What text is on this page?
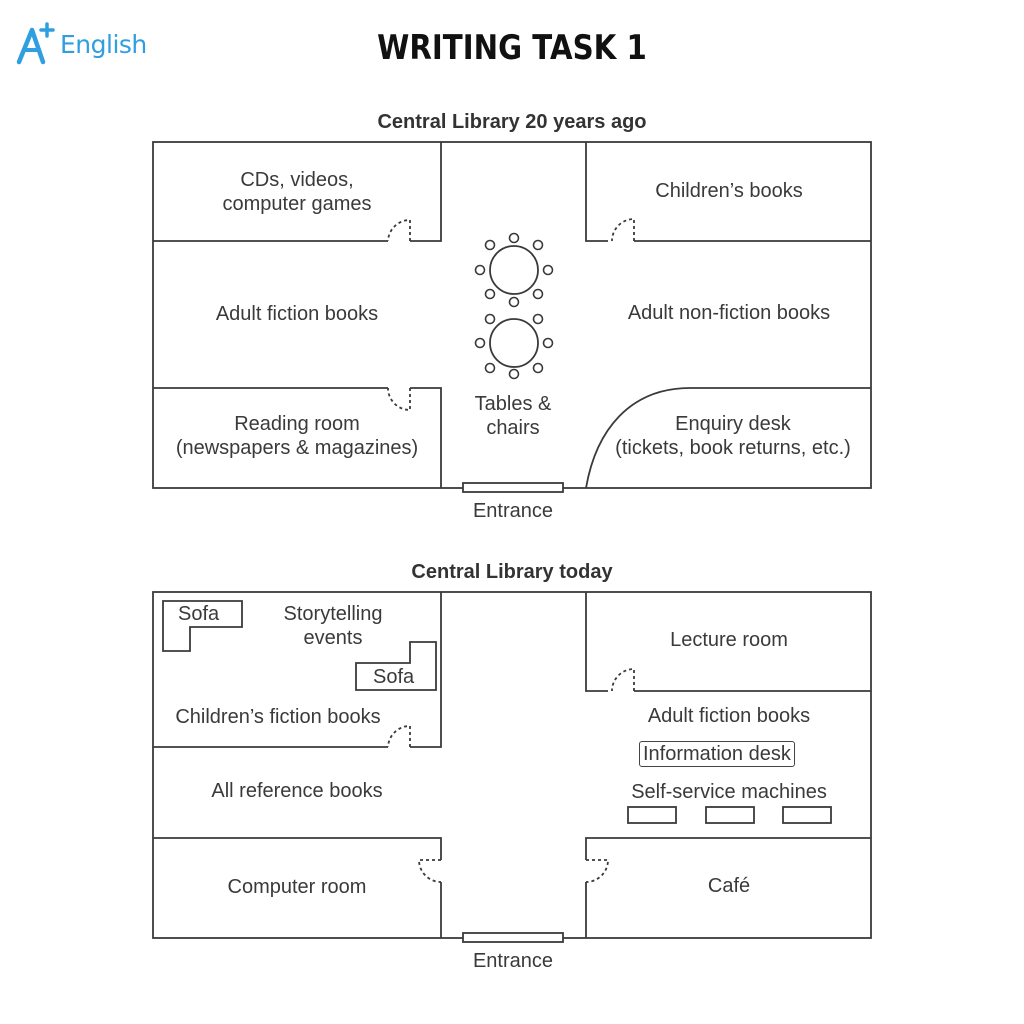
English	WRITING TASK 1
Central Library 20 years ago
CDs, videos,
computer games
Children’s books
Adult fiction books	Adult non-fiction books
Tables &
chairs
Reading room
(newspapers & magazines)
Enquiry desk
(tickets, book returns, etc.)
Entrance
Central Library today
Sofa	Storytelling
events
Sofa
Children’s fiction books
Lecture room
Adult fiction books
Information desk
All reference books	Self-service machines
Computer room	Café
Entrance
